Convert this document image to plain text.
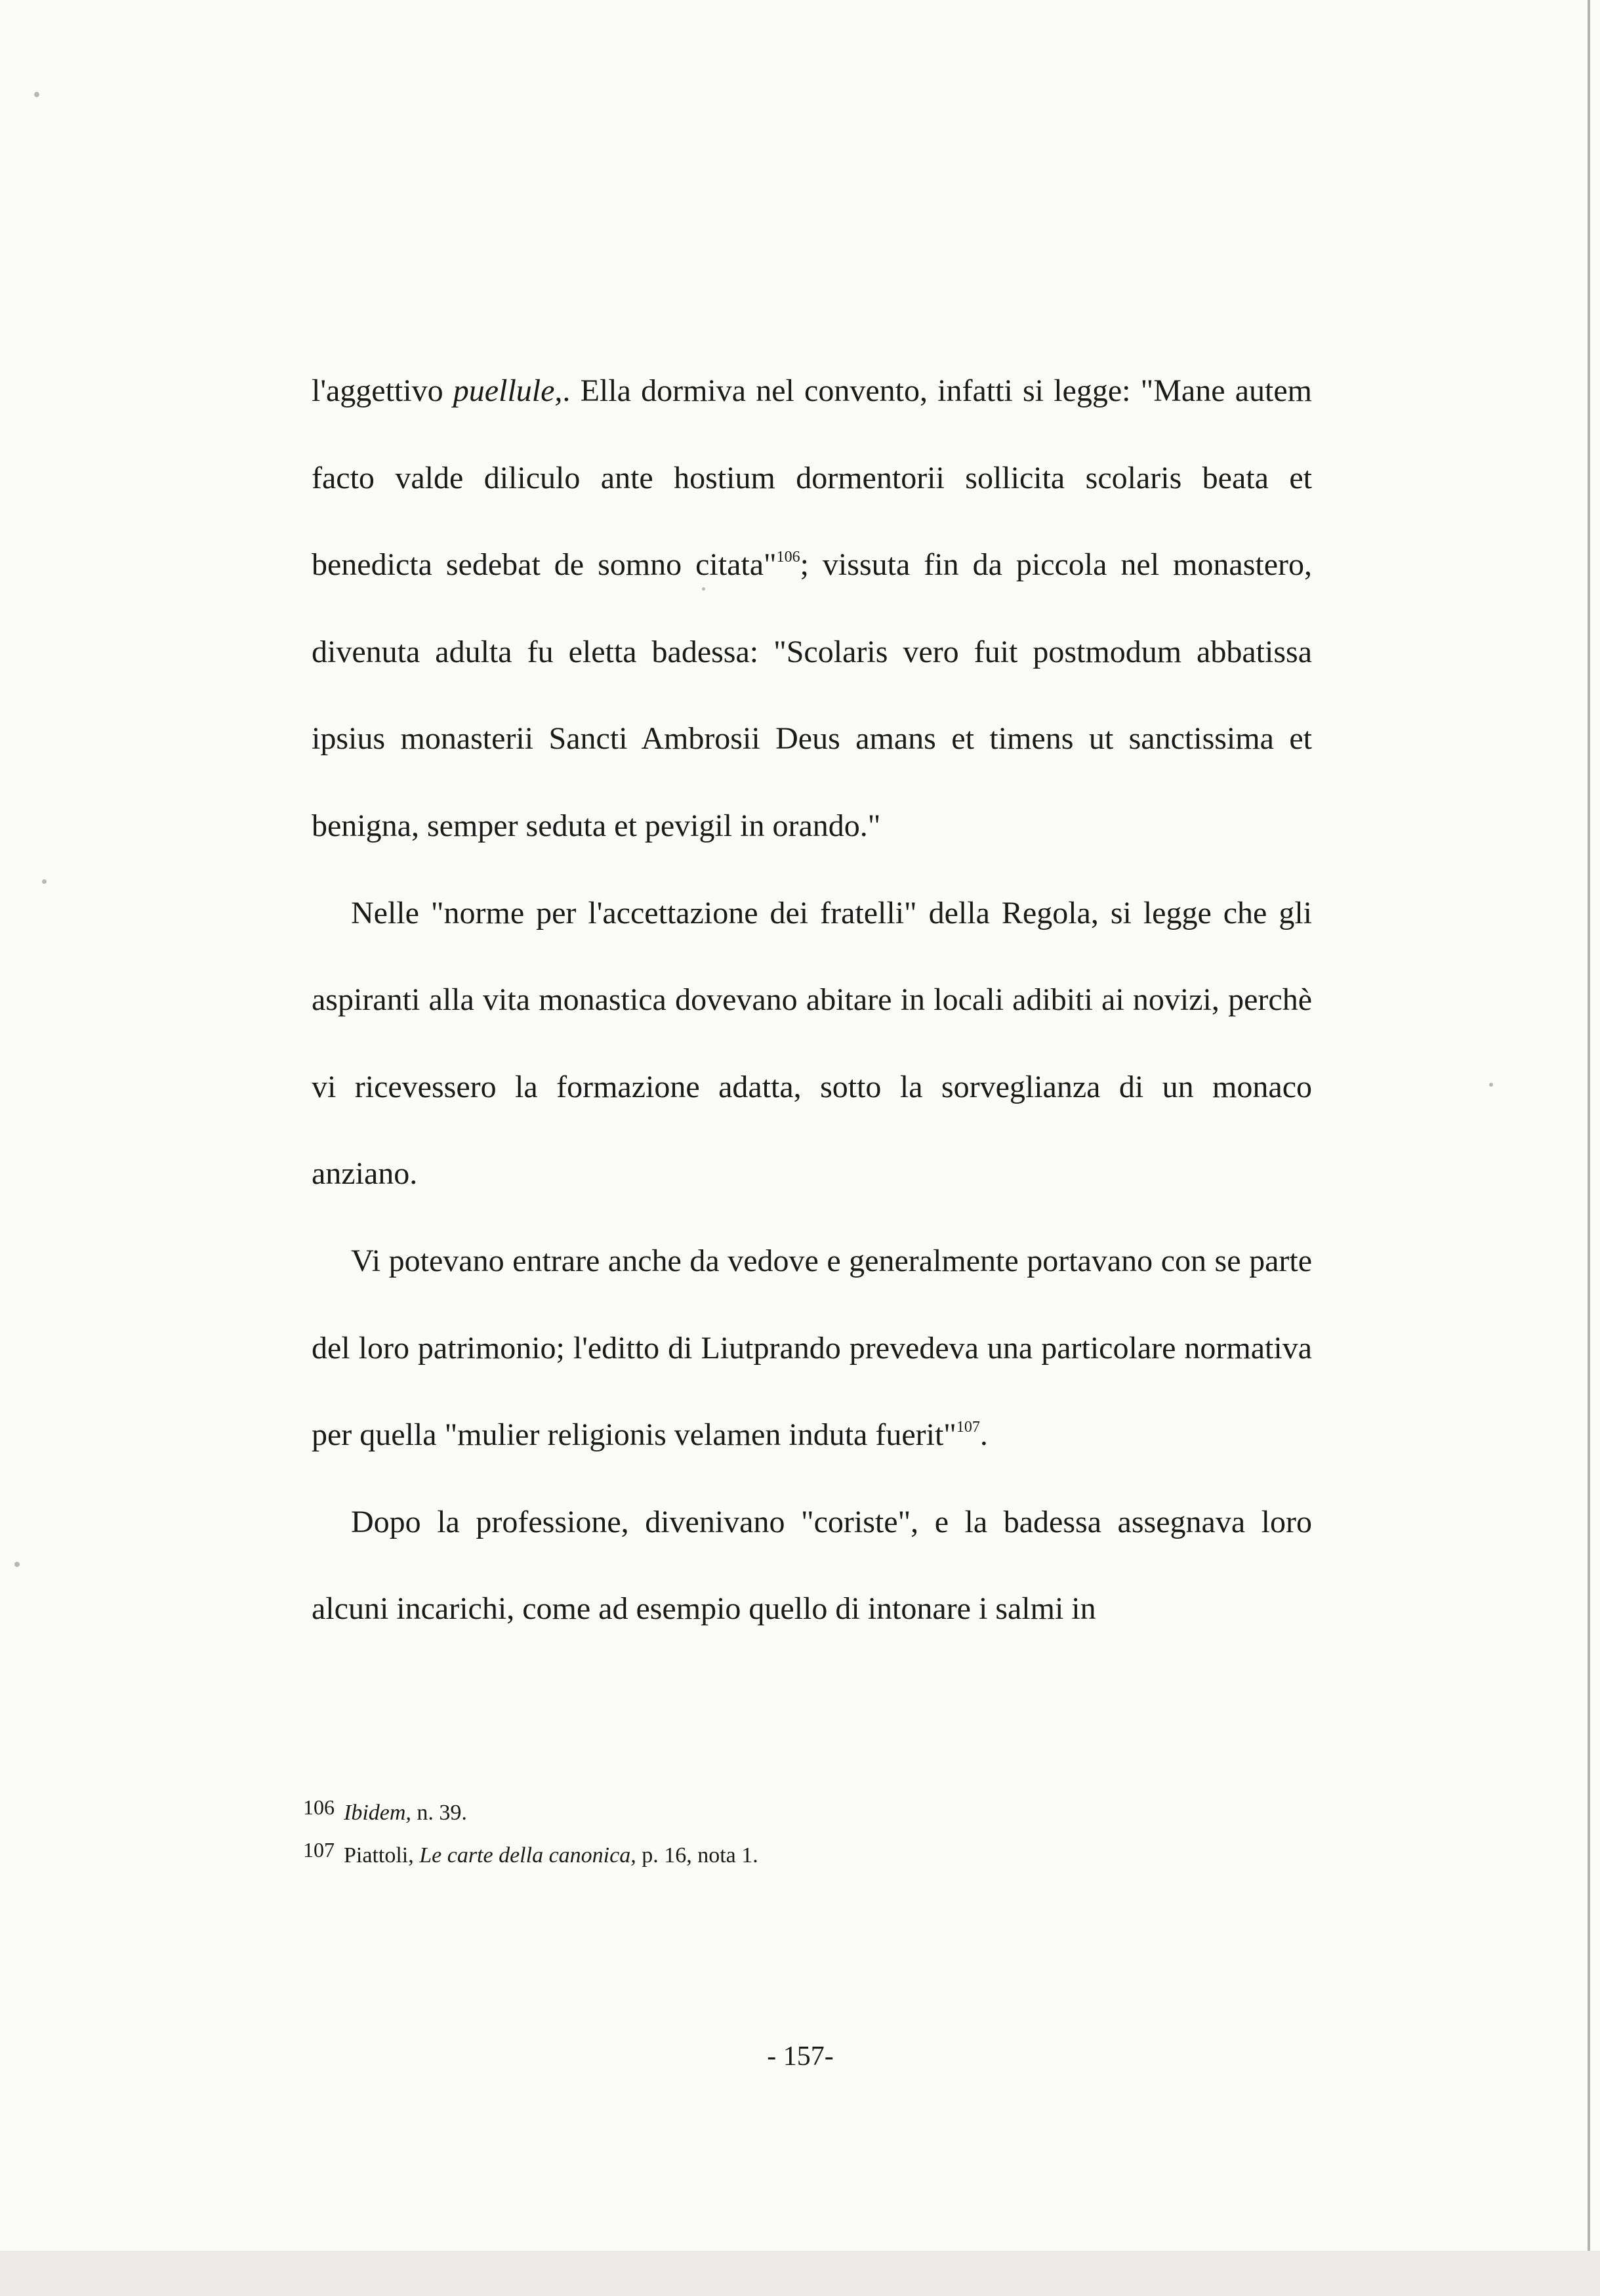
l'aggettivo puellule,. Ella dormiva nel convento, infatti si legge: "Mane autem facto valde diliculo ante hostium dormentorii sollicita scolaris beata et benedicta sedebat de somno citata"$^{106}$; vissuta fin da piccola nel monastero, divenuta adulta fu eletta badessa: "Scolaris vero fuit postmodum abbatissa ipsius monasterii Sancti Ambrosii Deus amans et timens ut sanctissima et benigna, semper seduta et pevigil in orando."

Nelle "norme per l'accettazione dei fratelli" della Regola, si legge che gli aspiranti alla vita monastica dovevano abitare in locali adibiti ai novizi, perchè vi ricevessero la formazione adatta, sotto la sorveglianza di un monaco anziano.

Vi potevano entrare anche da vedove e generalmente portavano con se parte del loro patrimonio; l'editto di Liutprando prevedeva una particolare normativa per quella "mulier religionis velamen induta fuerit"$^{107}$.

Dopo la professione, divenivano "coriste", e la badessa assegnava loro alcuni incarichi, come ad esempio quello di intonare i salmi in

106 Ibidem, n. 39.
107 Piattoli, Le carte della canonica, p. 16, nota 1.
- 157-
